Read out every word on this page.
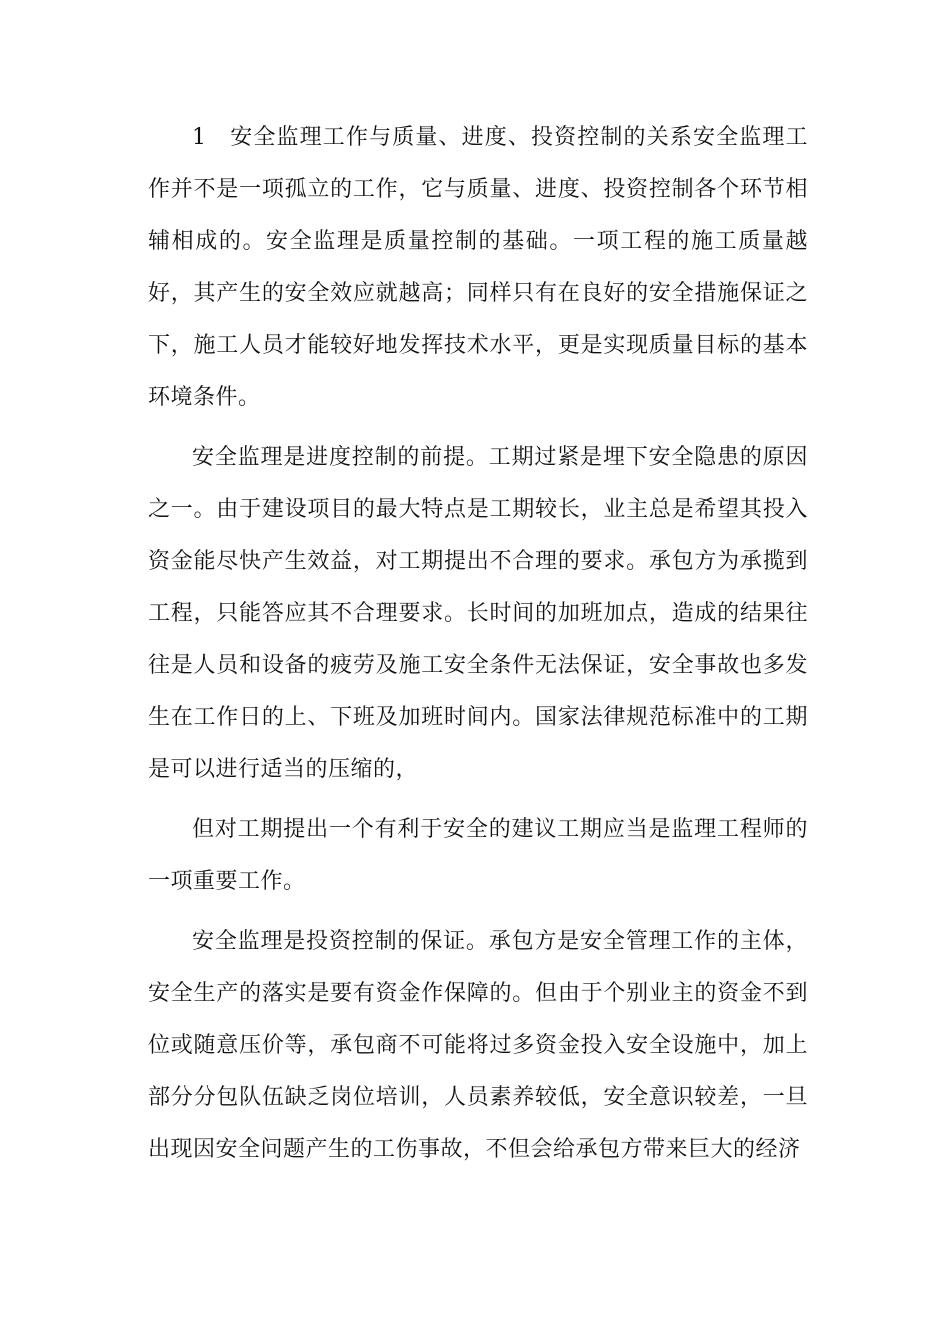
1　安全监理工作与质量、进度、投资控制的关系安全监理工作并不是一项孤立的工作，它与质量、进度、投资控制各个环节相辅相成的。安全监理是质量控制的基础。一项工程的施工质量越好，其产生的安全效应就越高；同样只有在良好的安全措施保证之下，施工人员才能较好地发挥技术水平，更是实现质量目标的基本环境条件。

安全监理是进度控制的前提。工期过紧是埋下安全隐患的原因之一。由于建设项目的最大特点是工期较长，业主总是希望其投入资金能尽快产生效益，对工期提出不合理的要求。承包方为承揽到工程，只能答应其不合理要求。长时间的加班加点，造成的结果往往是人员和设备的疲劳及施工安全条件无法保证，安全事故也多发生在工作日的上、下班及加班时间内。国家法律规范标准中的工期是可以进行适当的压缩的，

但对工期提出一个有利于安全的建议工期应当是监理工程师的一项重要工作。

安全监理是投资控制的保证。承包方是安全管理工作的主体，安全生产的落实是要有资金作保障的。但由于个别业主的资金不到位或随意压价等，承包商不可能将过多资金投入安全设施中，加上部分分包队伍缺乏岗位培训，人员素养较低，安全意识较差，一旦出现因安全问题产生的工伤事故，不但会给承包方带来巨大的经济
